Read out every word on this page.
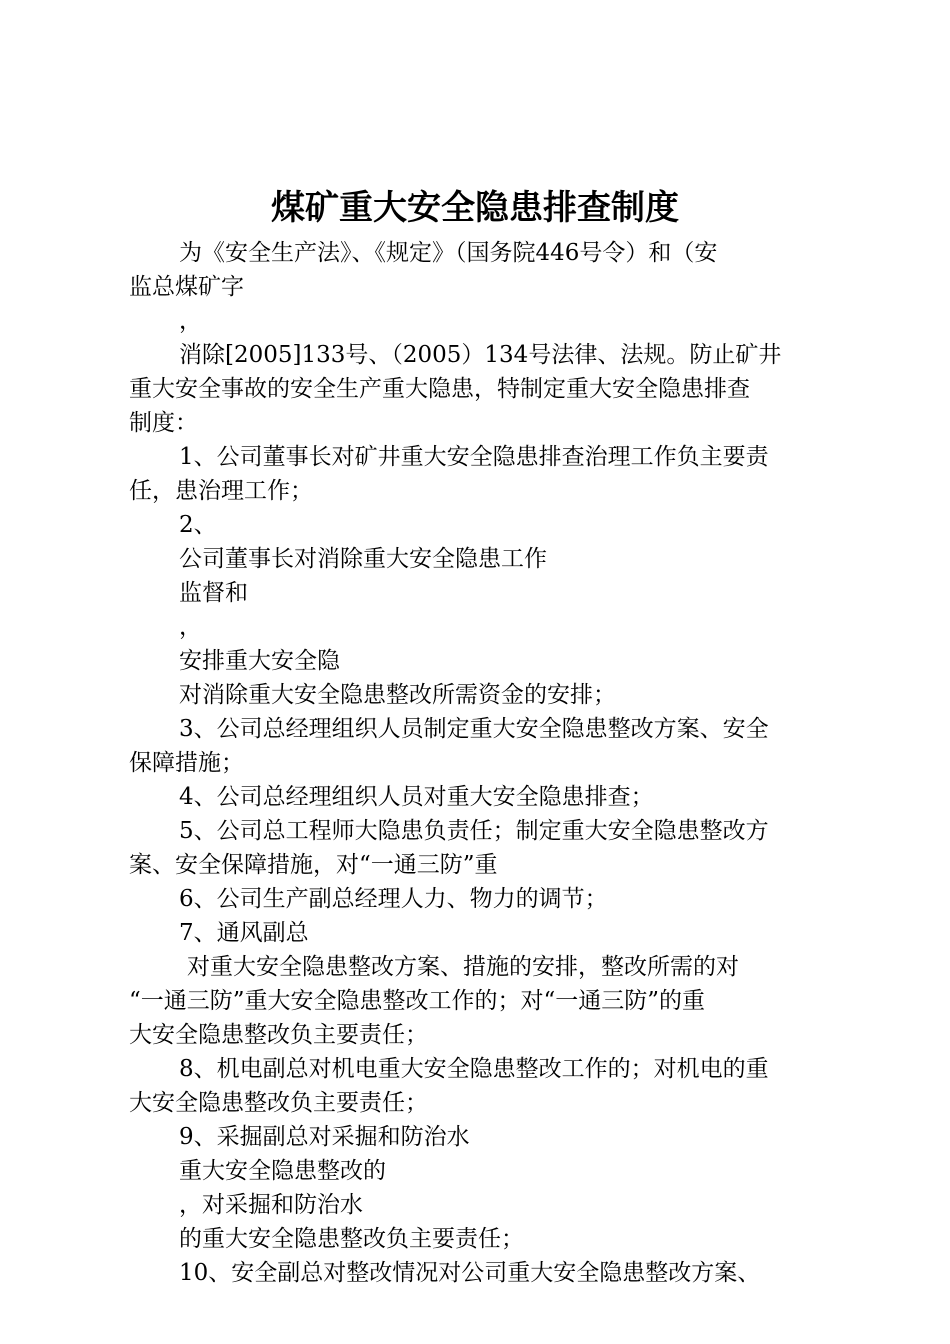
煤矿重大安全隐患排查制度
为《安全生产法》、《规定》（国务院446号令）和（安
监总煤矿字
，
消除[2005]133号、（2005）134号法律、法规。防止矿井
重大安全事故的安全生产重大隐患，特制定重大安全隐患排查
制度：
1、公司董事长对矿井重大安全隐患排查治理工作负主要责
任，患治理工作；
2、
公司董事长对消除重大安全隐患工作
监督和
，
安排重大安全隐
对消除重大安全隐患整改所需资金的安排；
3、公司总经理组织人员制定重大安全隐患整改方案、安全
保障措施；
4、公司总经理组织人员对重大安全隐患排查；
5、公司总工程师大隐患负责任；制定重大安全隐患整改方
案、安全保障措施，对“一通三防”重
6、公司生产副总经理人力、物力的调节；
7、通风副总
对重大安全隐患整改方案、措施的安排，整改所需的对
“一通三防”重大安全隐患整改工作的；对“一通三防”的重
大安全隐患整改负主要责任；
8、机电副总对机电重大安全隐患整改工作的；对机电的重
大安全隐患整改负主要责任；
9、采掘副总对采掘和防治水
重大安全隐患整改的
，对采掘和防治水
的重大安全隐患整改负主要责任；
10、安全副总对整改情况对公司重大安全隐患整改方案、
